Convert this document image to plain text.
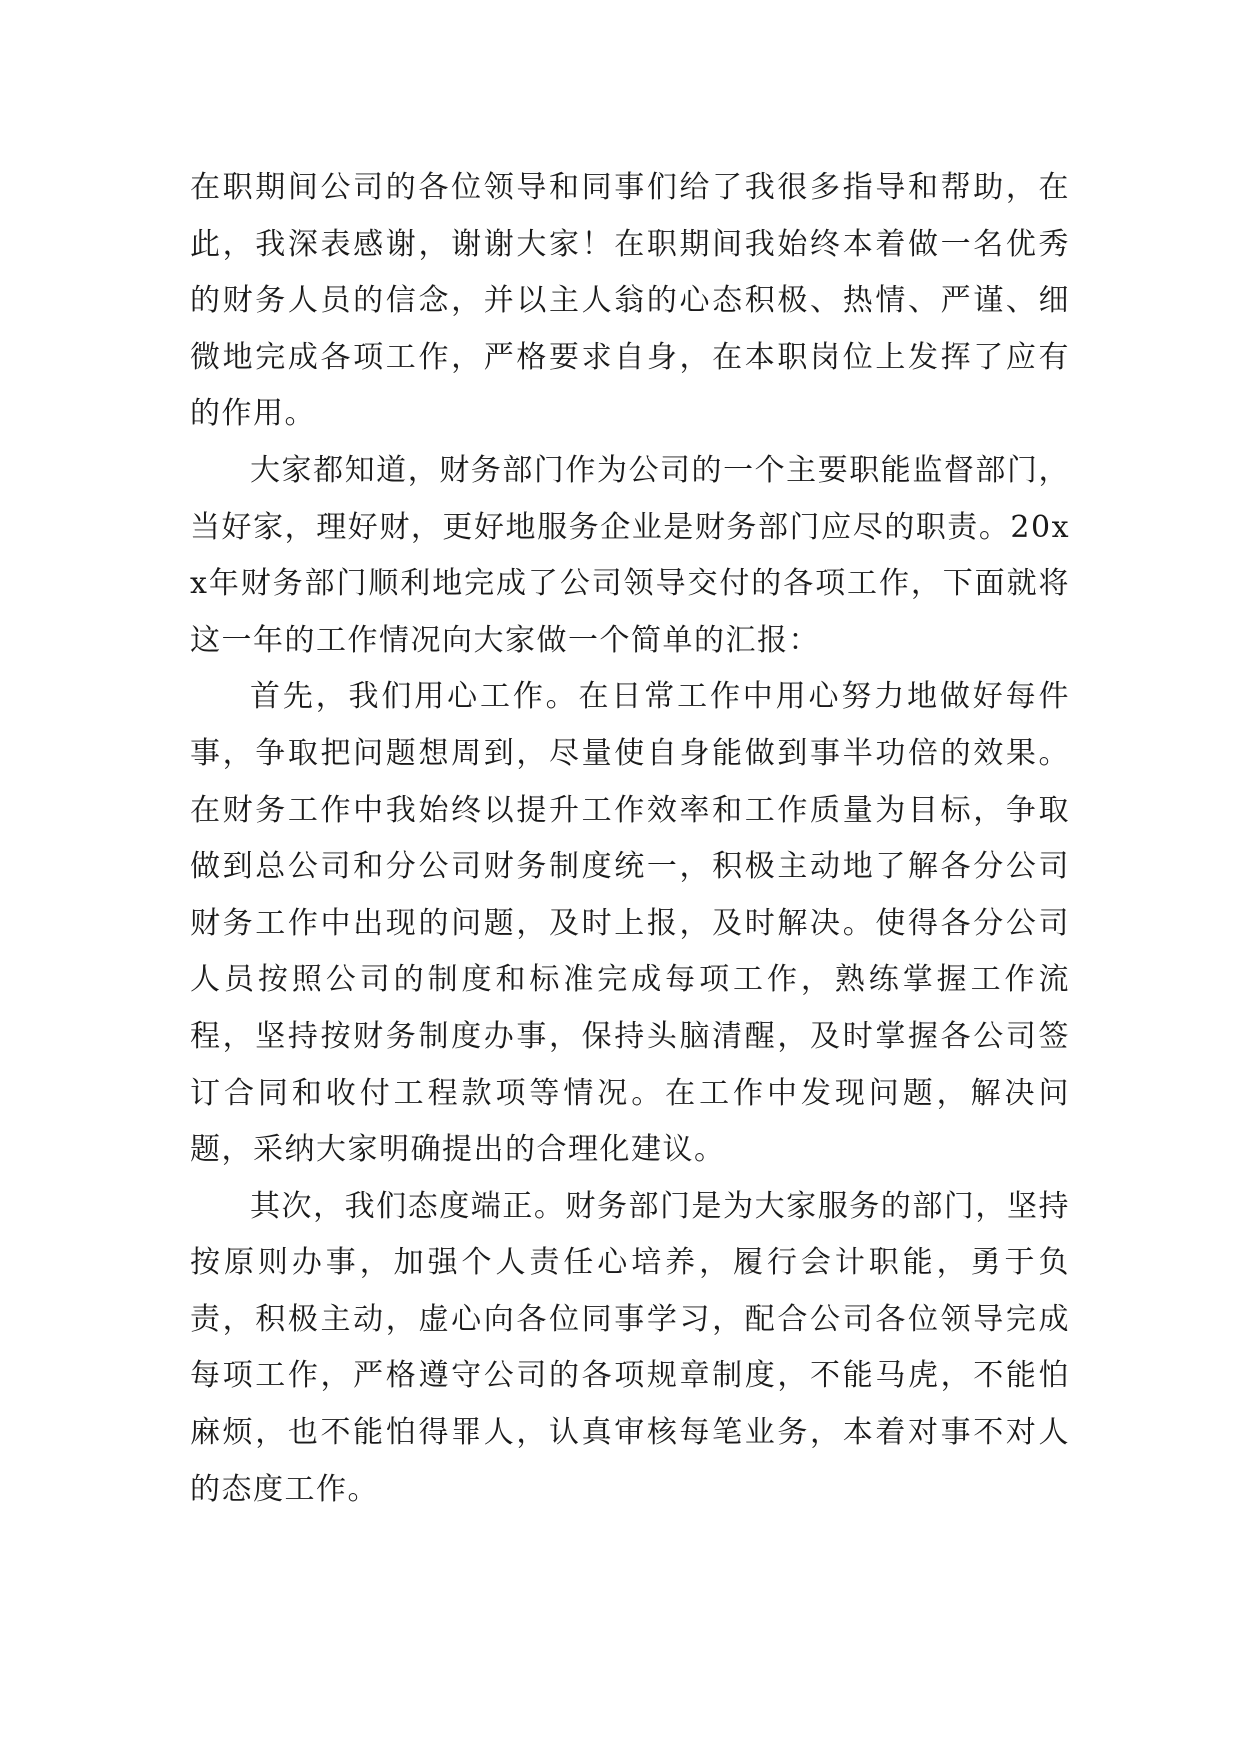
在职期间公司的各位领导和同事们给了我很多指导和帮助，在此，我深表感谢，谢谢大家！在职期间我始终本着做一名优秀的财务人员的信念，并以主人翁的心态积极、热情、严谨、细微地完成各项工作，严格要求自身，在本职岗位上发挥了应有的作用。

大家都知道，财务部门作为公司的一个主要职能监督部门，当好家，理好财，更好地服务企业是财务部门应尽的职责。20xx年财务部门顺利地完成了公司领导交付的各项工作，下面就将这一年的工作情况向大家做一个简单的汇报：

首先，我们用心工作。在日常工作中用心努力地做好每件事，争取把问题想周到，尽量使自身能做到事半功倍的效果。在财务工作中我始终以提升工作效率和工作质量为目标，争取做到总公司和分公司财务制度统一，积极主动地了解各分公司财务工作中出现的问题，及时上报，及时解决。使得各分公司人员按照公司的制度和标准完成每项工作，熟练掌握工作流程，坚持按财务制度办事，保持头脑清醒，及时掌握各公司签订合同和收付工程款项等情况。在工作中发现问题，解决问题，采纳大家明确提出的合理化建议。

其次，我们态度端正。财务部门是为大家服务的部门，坚持按原则办事，加强个人责任心培养，履行会计职能，勇于负责，积极主动，虚心向各位同事学习，配合公司各位领导完成每项工作，严格遵守公司的各项规章制度，不能马虎，不能怕麻烦，也不能怕得罪人，认真审核每笔业务，本着对事不对人的态度工作。
